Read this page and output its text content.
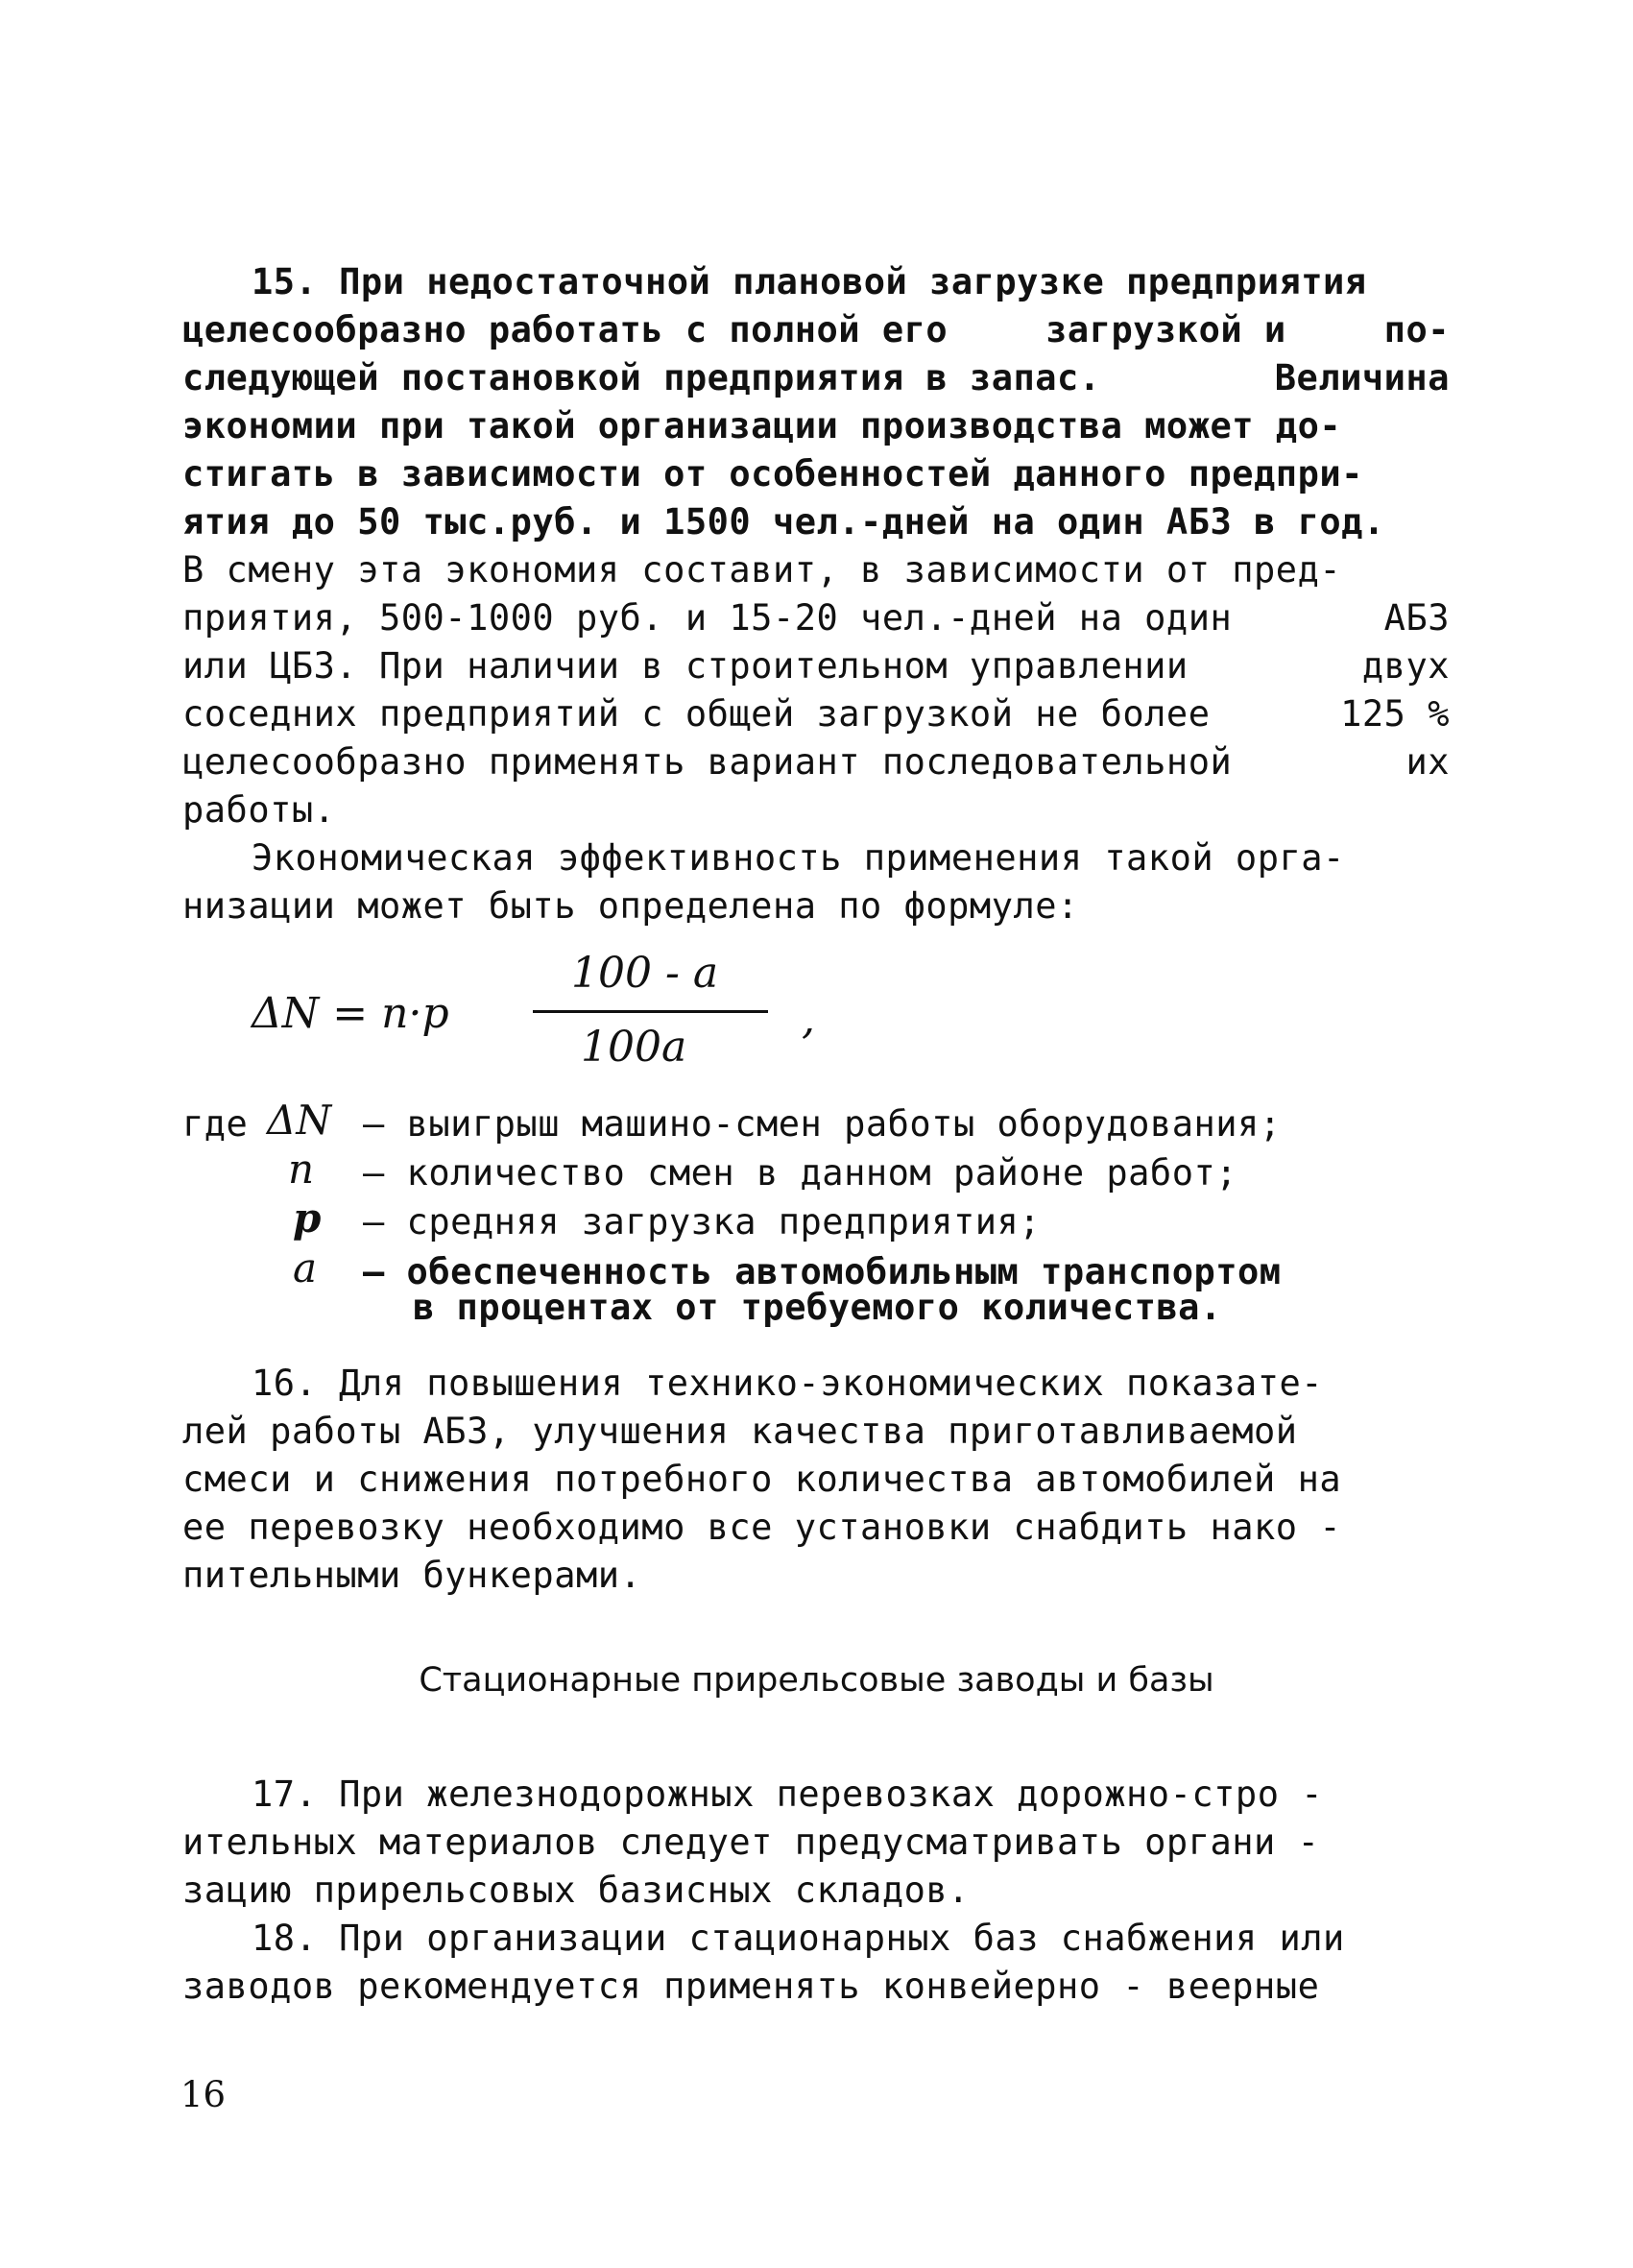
15. При недостаточной плановой загрузке предприятия
целесообразно работать с полной его	загрузкой и	по-
следующей постановкой предприятия в запас.	Величина
экономии при такой организации производства может до-
стигать в зависимости от особенностей данного предпри-
ятия до 50 тыс.руб. и 1500 чел.-дней на один АБЗ в год.
В смену эта экономия составит, в зависимости от пред-
приятия, 500-1000 руб. и 15-20 чел.-дней на один	АБЗ
или ЦБЗ. При наличии в строительном управлении	двух
соседних предприятий с общей загрузкой не более	125 %
целесообразно применять вариант последовательной	их
работы.
Экономическая эффективность применения такой орга-
низации может быть определена по формуле:
ΔN = п·р
100 - а
100а
,
где ΔN – выигрыш машино-смен работы оборудования;
п – количество смен в данном районе работ;
р – средняя загрузка предприятия;
а – обеспеченность автомобильным транспортом
в процентах от требуемого количества.
16. Для повышения технико-экономических показате-
лей работы АБЗ, улучшения качества приготавливаемой
смеси и снижения потребного количества автомобилей на
ее перевозку необходимо все установки снабдить нако -
пительными бункерами.
Стационарные прирельсовые заводы и базы
17. При железнодорожных перевозках дорожно-стро -
ительных материалов следует предусматривать органи -
зацию прирельсовых базисных складов.
18. При организации стационарных баз снабжения или
заводов рекомендуется применять конвейерно - веерные
16
